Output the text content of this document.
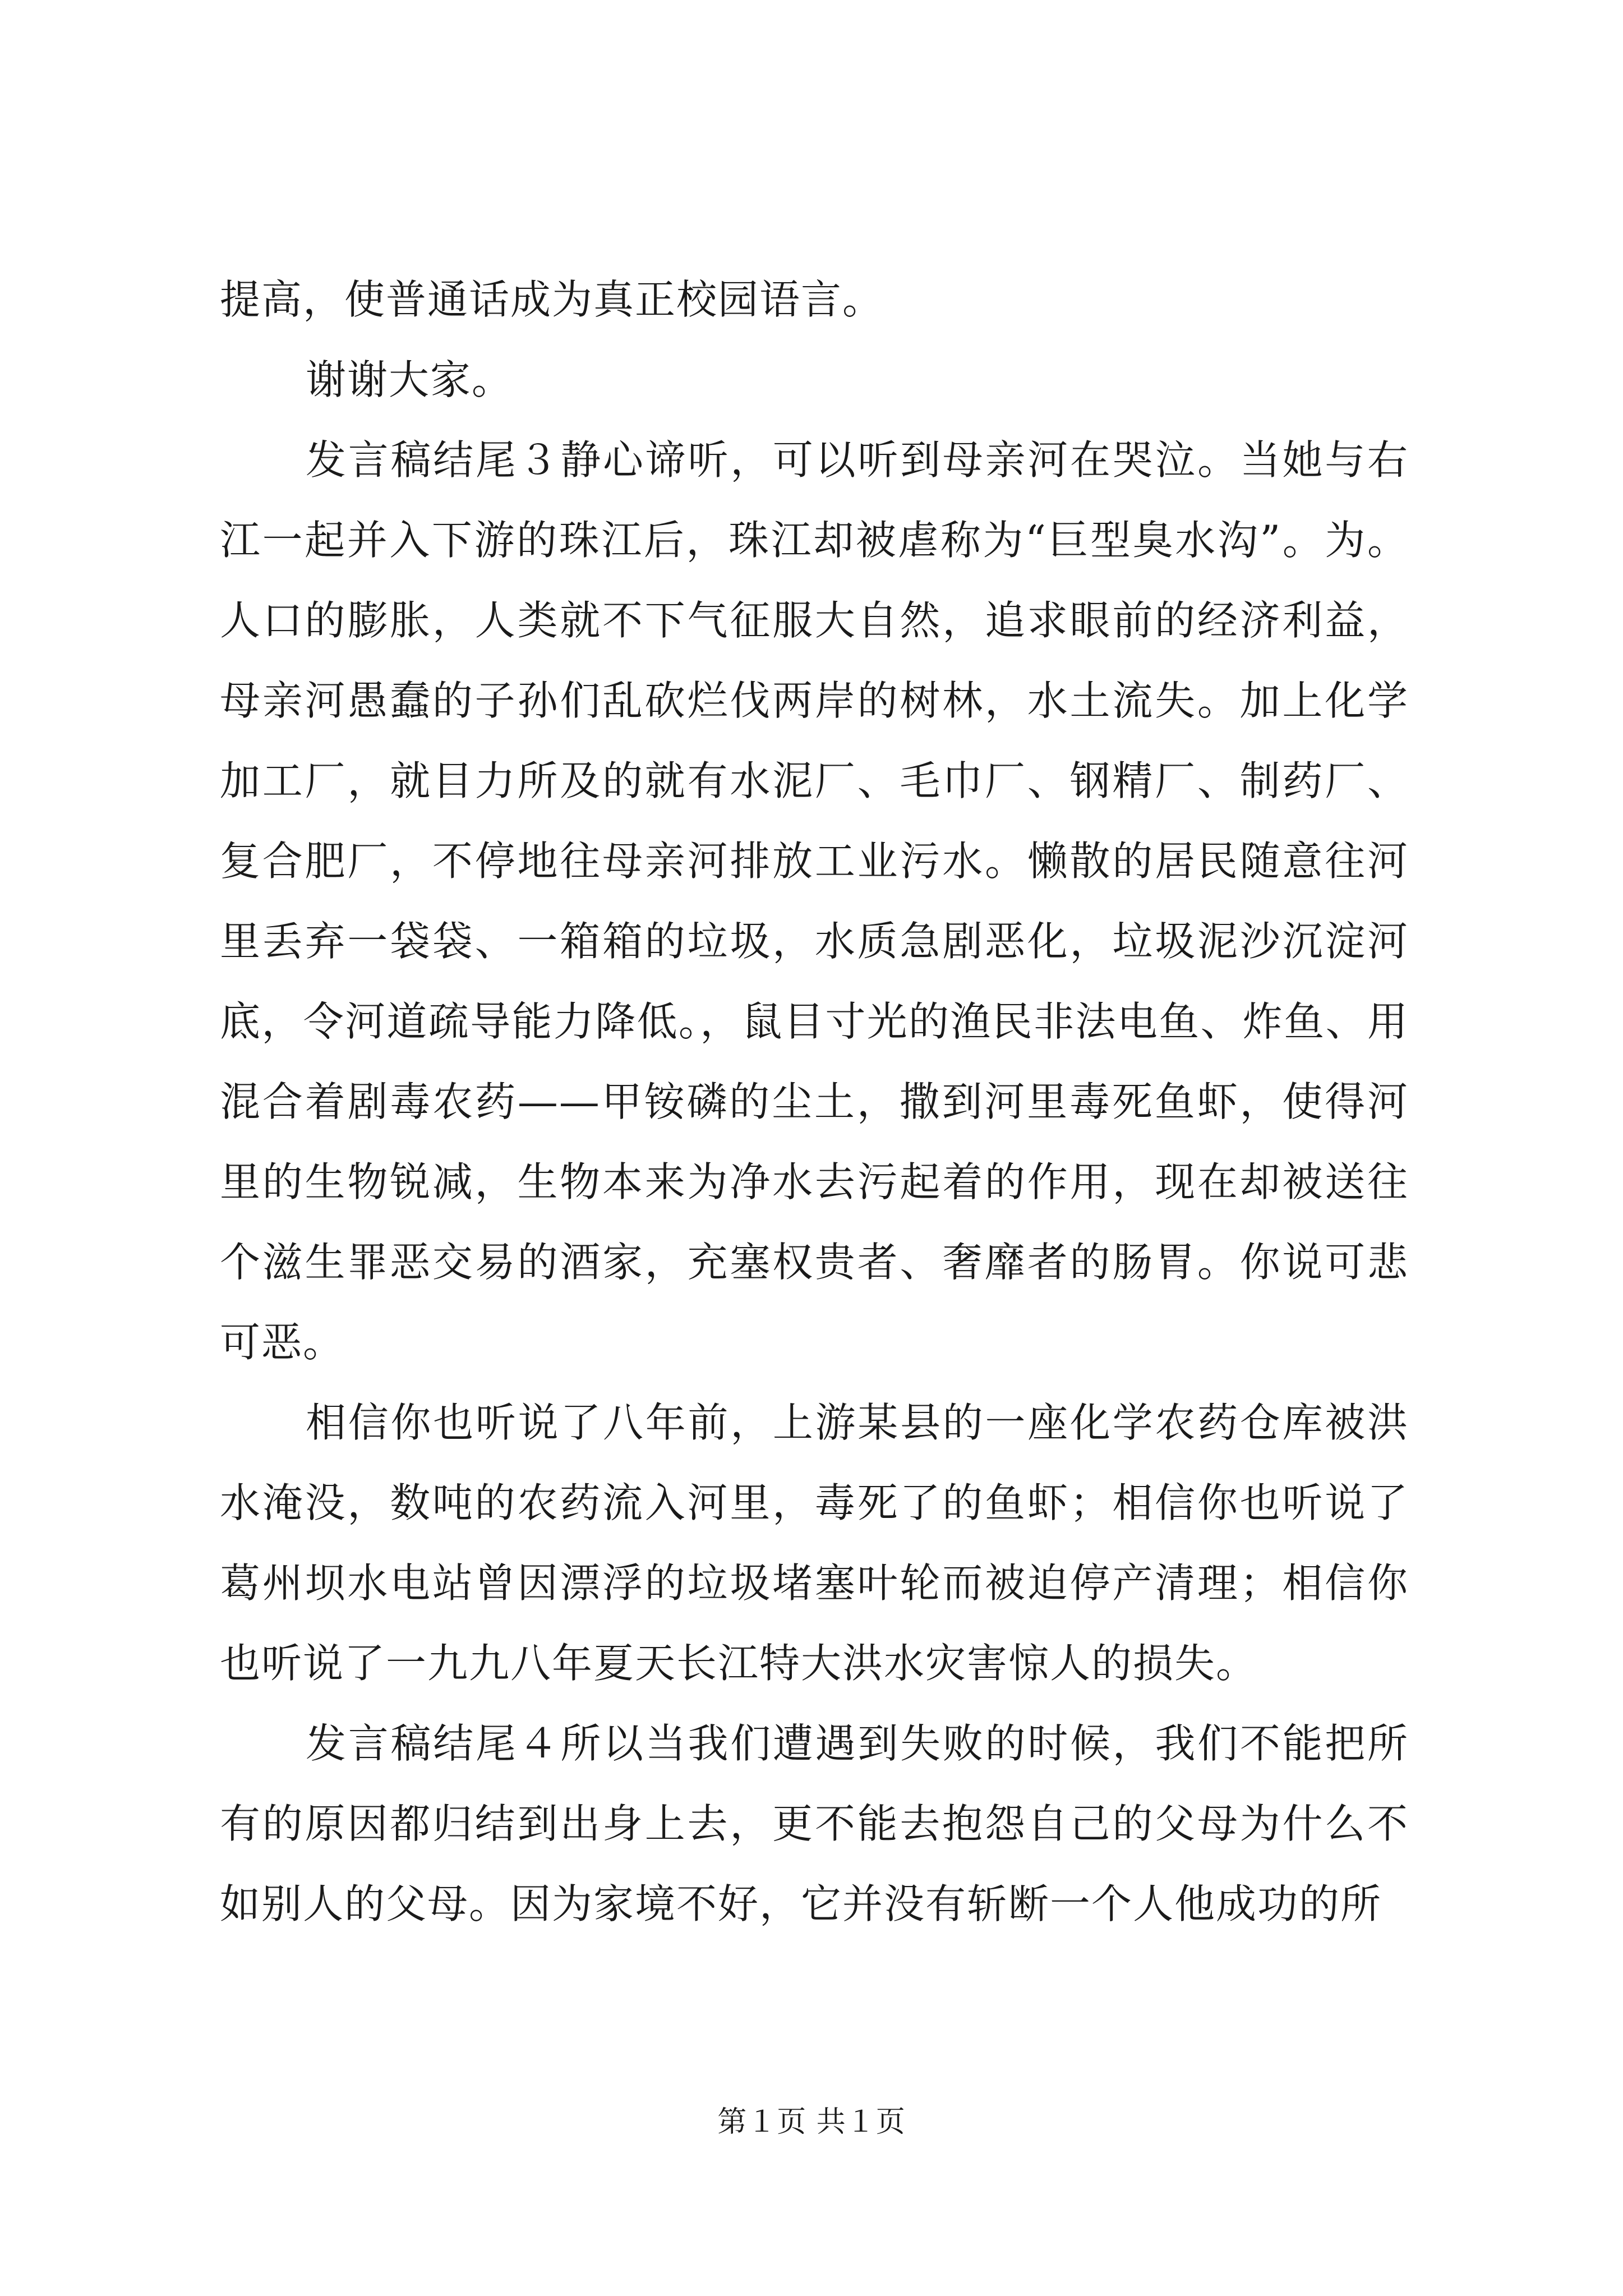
提高，使普通话成为真正校园语言。

谢谢大家。

发言稿结尾３静心谛听，可以听到母亲河在哭泣。当她与右江一起并入下游的珠江后，珠江却被虐称为“巨型臭水沟”。为。人口的膨胀，人类就不下气征服大自然，追求眼前的经济利益，母亲河愚蠢的子孙们乱砍烂伐两岸的树林，水土流失。加上化学加工厂，就目力所及的就有水泥厂、毛巾厂、钢精厂、制药厂、复合肥厂，不停地往母亲河排放工业污水。懒散的居民随意往河里丢弃一袋袋、一箱箱的垃圾，水质急剧恶化，垃圾泥沙沉淀河底，令河道疏导能力降低。，鼠目寸光的渔民非法电鱼、炸鱼、用混合着剧毒农药——甲铵磷的尘土，撒到河里毒死鱼虾，使得河里的生物锐减，生物本来为净水去污起着的作用，现在却被送往个滋生罪恶交易的酒家，充塞权贵者、奢靡者的肠胃。你说可悲可恶。

相信你也听说了八年前，上游某县的一座化学农药仓库被洪水淹没，数吨的农药流入河里，毒死了的鱼虾；相信你也听说了葛州坝水电站曾因漂浮的垃圾堵塞叶轮而被迫停产清理；相信你也听说了一九九八年夏天长江特大洪水灾害惊人的损失。

发言稿结尾４所以当我们遭遇到失败的时候，我们不能把所有的原因都归结到出身上去，更不能去抱怨自己的父母为什么不如别人的父母。因为家境不好，它并没有斩断一个人他成功的所

第１页 共１页
